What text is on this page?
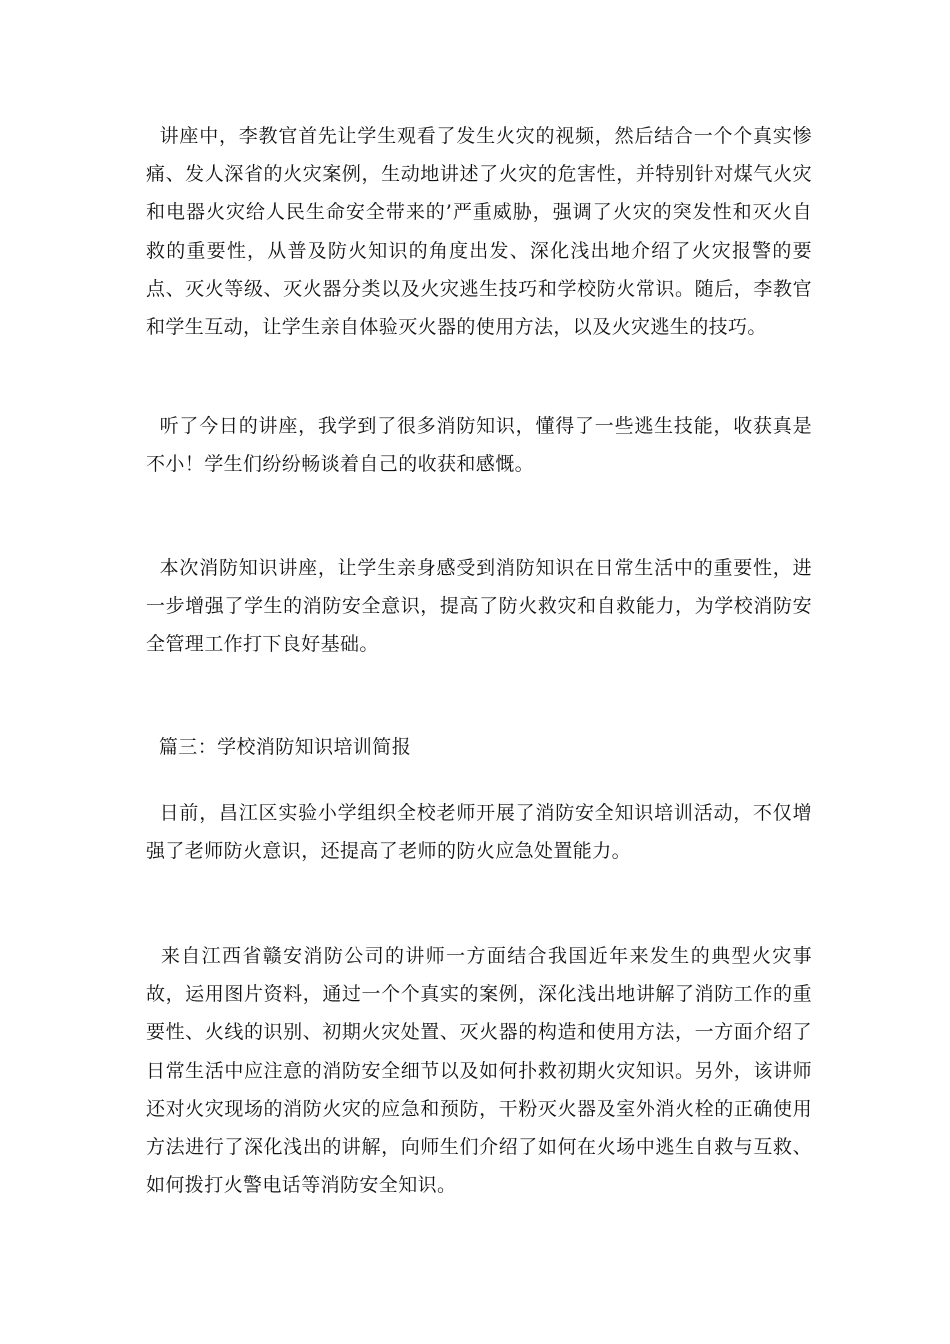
讲座中，李教官首先让学生观看了发生火灾的视频，然后结合一个个真实惨痛、发人深省的火灾案例，生动地讲述了火灾的危害性，并特别针对煤气火灾和电器火灾给人民生命安全带来的’严重威胁，强调了火灾的突发性和灭火自救的重要性，从普及防火知识的角度出发、深化浅出地介绍了火灾报警的要点、灭火等级、灭火器分类以及火灾逃生技巧和学校防火常识。随后，李教官和学生互动，让学生亲自体验灭火器的使用方法，以及火灾逃生的技巧。

听了今日的讲座，我学到了很多消防知识，懂得了一些逃生技能，收获真是不小！学生们纷纷畅谈着自己的收获和感慨。

本次消防知识讲座，让学生亲身感受到消防知识在日常生活中的重要性，进一步增强了学生的消防安全意识，提高了防火救灾和自救能力，为学校消防安全管理工作打下良好基础。

篇三：学校消防知识培训简报

日前，昌江区实验小学组织全校老师开展了消防安全知识培训活动，不仅增强了老师防火意识，还提高了老师的防火应急处置能力。

来自江西省赣安消防公司的讲师一方面结合我国近年来发生的典型火灾事故，运用图片资料，通过一个个真实的案例，深化浅出地讲解了消防工作的重要性、火线的识别、初期火灾处置、灭火器的构造和使用方法，一方面介绍了日常生活中应注意的消防安全细节以及如何扑救初期火灾知识。另外，该讲师还对火灾现场的消防火灾的应急和预防，干粉灭火器及室外消火栓的正确使用方法进行了深化浅出的讲解，向师生们介绍了如何在火场中逃生自救与互救、如何拨打火警电话等消防安全知识。
